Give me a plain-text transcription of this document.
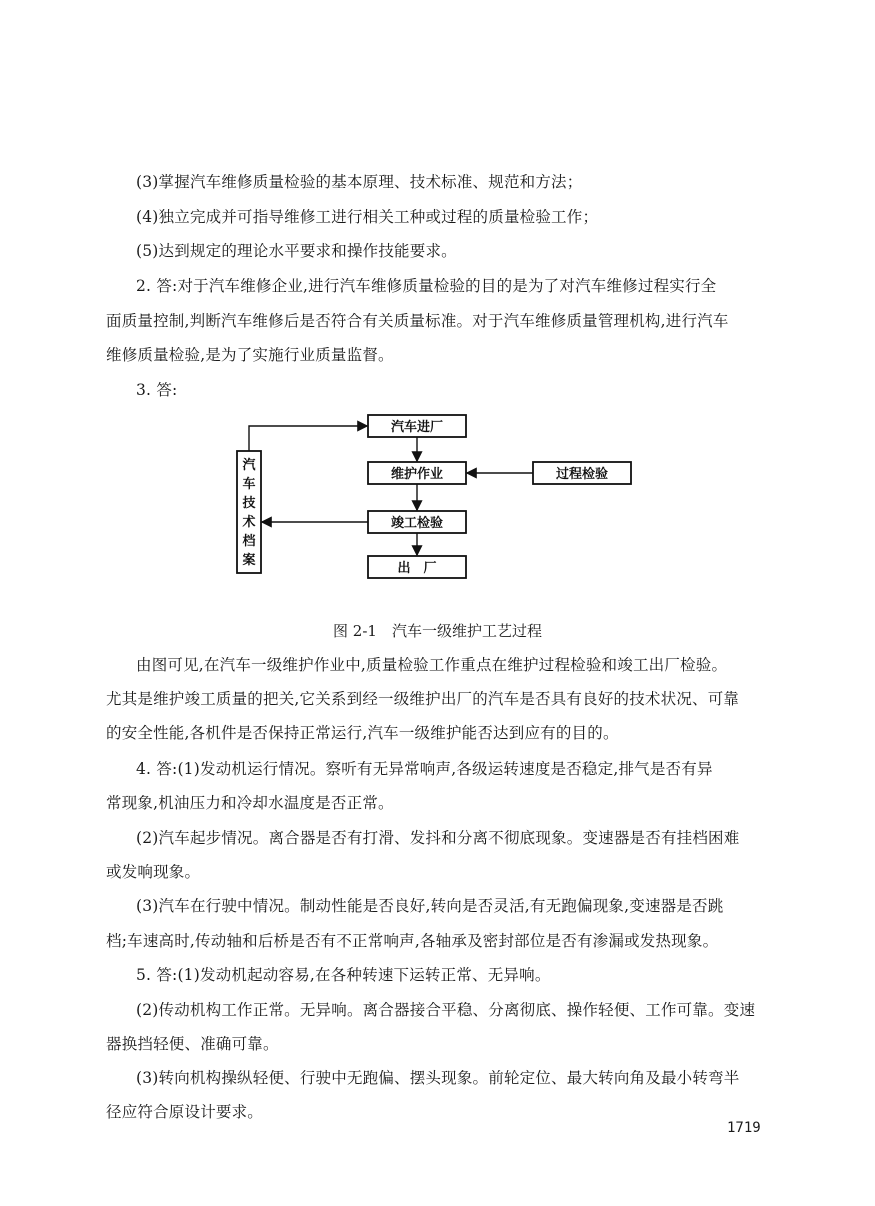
(3)掌握汽车维修质量检验的基本原理、技术标准、规范和方法；

(4)独立完成并可指导维修工进行相关工种或过程的质量检验工作；

(5)达到规定的理论水平要求和操作技能要求。

2. 答:对于汽车维修企业,进行汽车维修质量检验的目的是为了对汽车维修过程实行全

面质量控制,判断汽车维修后是否符合有关质量标准。对于汽车维修质量管理机构,进行汽车

维修质量检验,是为了实施行业质量监督。

3. 答:

汽车进厂
维护作业	过程检验
竣工检验
出　厂
汽
车
技
术
档
案

图 2-1　汽车一级维护工艺过程

由图可见,在汽车一级维护作业中,质量检验工作重点在维护过程检验和竣工出厂检验。

尤其是维护竣工质量的把关,它关系到经一级维护出厂的汽车是否具有良好的技术状况、可靠

的安全性能,各机件是否保持正常运行,汽车一级维护能否达到应有的目的。

4. 答:(1)发动机运行情况。察听有无异常响声,各级运转速度是否稳定,排气是否有异

常现象,机油压力和冷却水温度是否正常。

(2)汽车起步情况。离合器是否有打滑、发抖和分离不彻底现象。变速器是否有挂档困难

或发响现象。

(3)汽车在行驶中情况。制动性能是否良好,转向是否灵活,有无跑偏现象,变速器是否跳

档;车速高时,传动轴和后桥是否有不正常响声,各轴承及密封部位是否有渗漏或发热现象。

5. 答:(1)发动机起动容易,在各种转速下运转正常、无异响。

(2)传动机构工作正常。无异响。离合器接合平稳、分离彻底、操作轻便、工作可靠。变速

器换挡轻便、准确可靠。

(3)转向机构操纵轻便、行驶中无跑偏、摆头现象。前轮定位、最大转向角及最小转弯半

径应符合原设计要求。

1719
